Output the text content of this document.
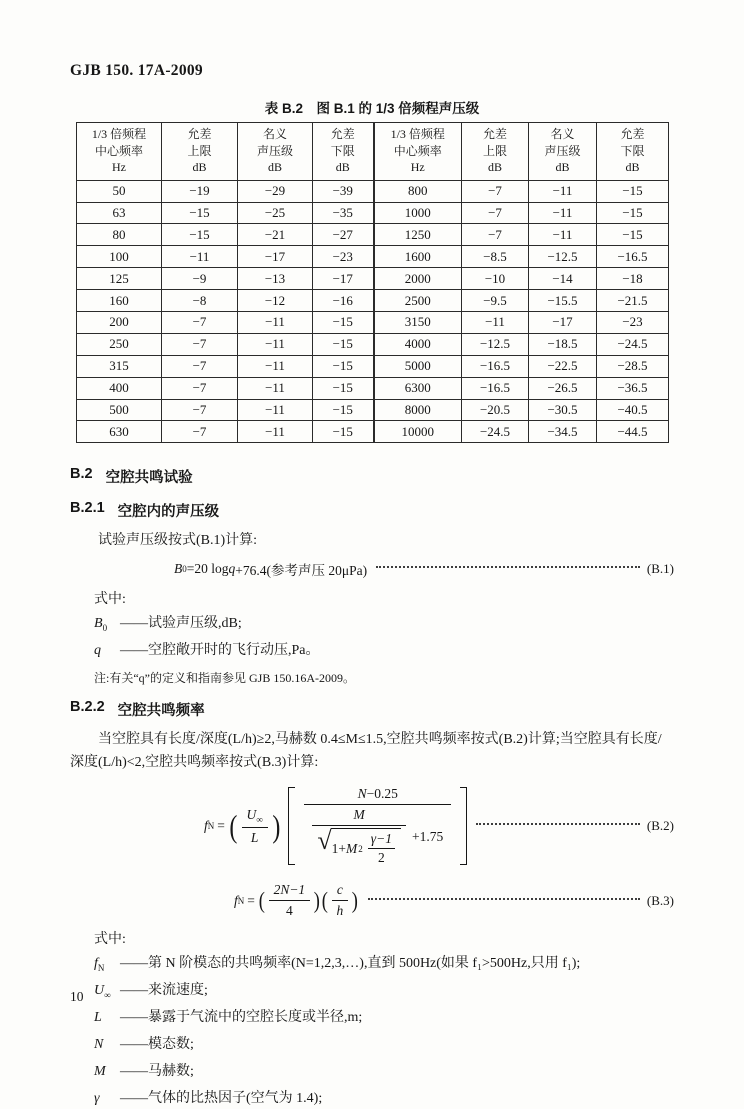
GJB 150. 17A-2009
表 B.2　图 B.1 的 1/3 倍频程声压级
1/3 倍频程
中心频率
Hz

允差
上限
dB

名义
声压级
dB

允差
下限
dB

1/3 倍频程
中心频率
Hz

允差
上限
dB

名义
声压级
dB

允差
下限
dB

50	−19	−29	−39	800	−7	−11	−15
63	−15	−25	−35	1000	−7	−11	−15
80	−15	−21	−27	1250	−7	−11	−15
100	−11	−17	−23	1600	−8.5	−12.5	−16.5
125	−9	−13	−17	2000	−10	−14	−18
160	−8	−12	−16	2500	−9.5	−15.5	−21.5
200	−7	−11	−15	3150	−11	−17	−23
250	−7	−11	−15	4000	−12.5	−18.5	−24.5
315	−7	−11	−15	5000	−16.5	−22.5	−28.5
400	−7	−11	−15	6300	−16.5	−26.5	−36.5
500	−7	−11	−15	8000	−20.5	−30.5	−40.5
630	−7	−11	−15	10000	−24.5	−34.5	−44.5
B.2 空腔共鸣试验
B.2.1 空腔内的声压级

试验声压级按式(B.1)计算:

B 0 =20 log q +76.4(参考声压 20μPa)	(B.1)
式中:
$B_0$ ——试验声压级,dB;
q	——空腔敞开时的飞行动压,Pa。
注:有关“q”的定义和指南参见 GJB 150.16A-2009。
B.2.2 空腔共鸣频率

当空腔具有长度/深度(L/h)≥2,马赫数 0.4≤M≤1.5,空腔共鸣频率按式(B.2)计算;当空腔具有长度/深度(L/h)<2,空腔共鸣频率按式(B.3)计算:

f N = ( $\frac{U_\infty}{L}$ )
N−0.25
M
√ 1+ M $2 \frac{\gamma-1}{2} +1.75$
(B.2)
f N = ( $\frac{2N-1}{4}$ ) ( $\frac{c}{h}$ )	(B.3)
式中:
$f_N$	——第 N 阶模态的共鸣频率(N=1,2,3,…),直到 500Hz(如果 f₁>500Hz,只用 f₁);
$U_\infty$ ——来流速度;
L	——暴露于气流中的空腔长度或半径,m;
N	——模态数;
M	——马赫数;
γ	——气体的比热因子(空气为 1.4);
10
